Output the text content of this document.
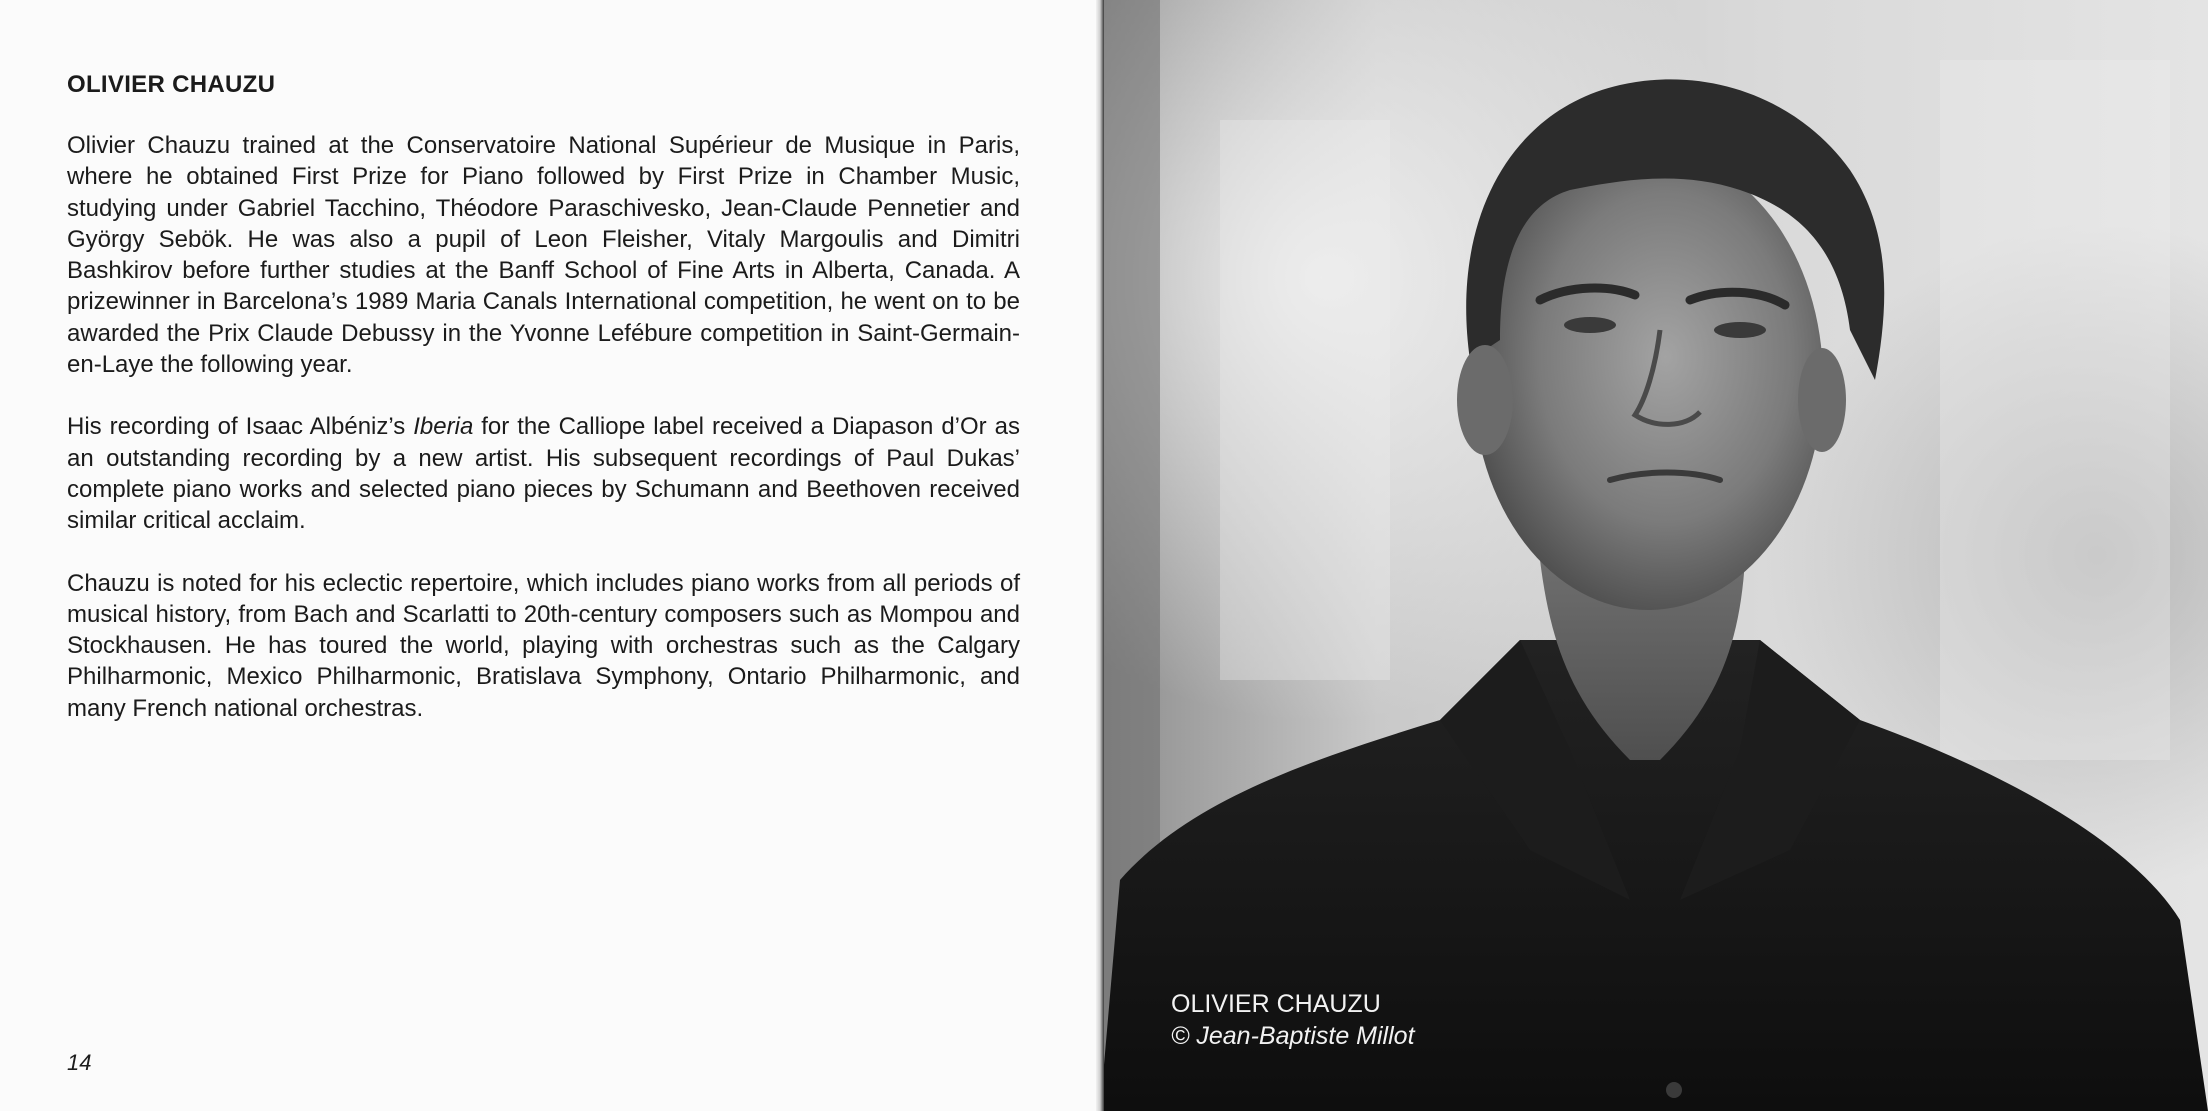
OLIVIER CHAUZU

Olivier Chauzu trained at the Conservatoire National Supérieur de Musique in Paris, where he obtained First Prize for Piano followed by First Prize in Chamber Music, studying under Gabriel Tacchino, Théodore Paraschivesko, Jean-Claude Pennetier and György Sebök. He was also a pupil of Leon Fleisher, Vitaly Margoulis and Dimitri Bashkirov before further studies at the Banff School of Fine Arts in Alberta, Canada. A prizewinner in Barcelona’s 1989 Maria Canals International competition, he went on to be awarded the Prix Claude Debussy in the Yvonne Lefébure competition in Saint-Germain-en-Laye the following year.

His recording of Isaac Albéniz’s Iberia for the Calliope label received a Diapason d’Or as an outstanding recording by a new artist. His subsequent recordings of Paul Dukas’ complete piano works and selected piano pieces by Schumann and Beethoven received similar critical acclaim.

Chauzu is noted for his eclectic repertoire, which includes piano works from all periods of musical history, from Bach and Scarlatti to 20th-century composers such as Mompou and Stockhausen. He has toured the world, playing with orchestras such as the Calgary Philharmonic, Mexico Philharmonic, Bratislava Symphony, Ontario Philharmonic, and many French national orchestras.

14
OLIVIER CHAUZU
© Jean-Baptiste Millot
